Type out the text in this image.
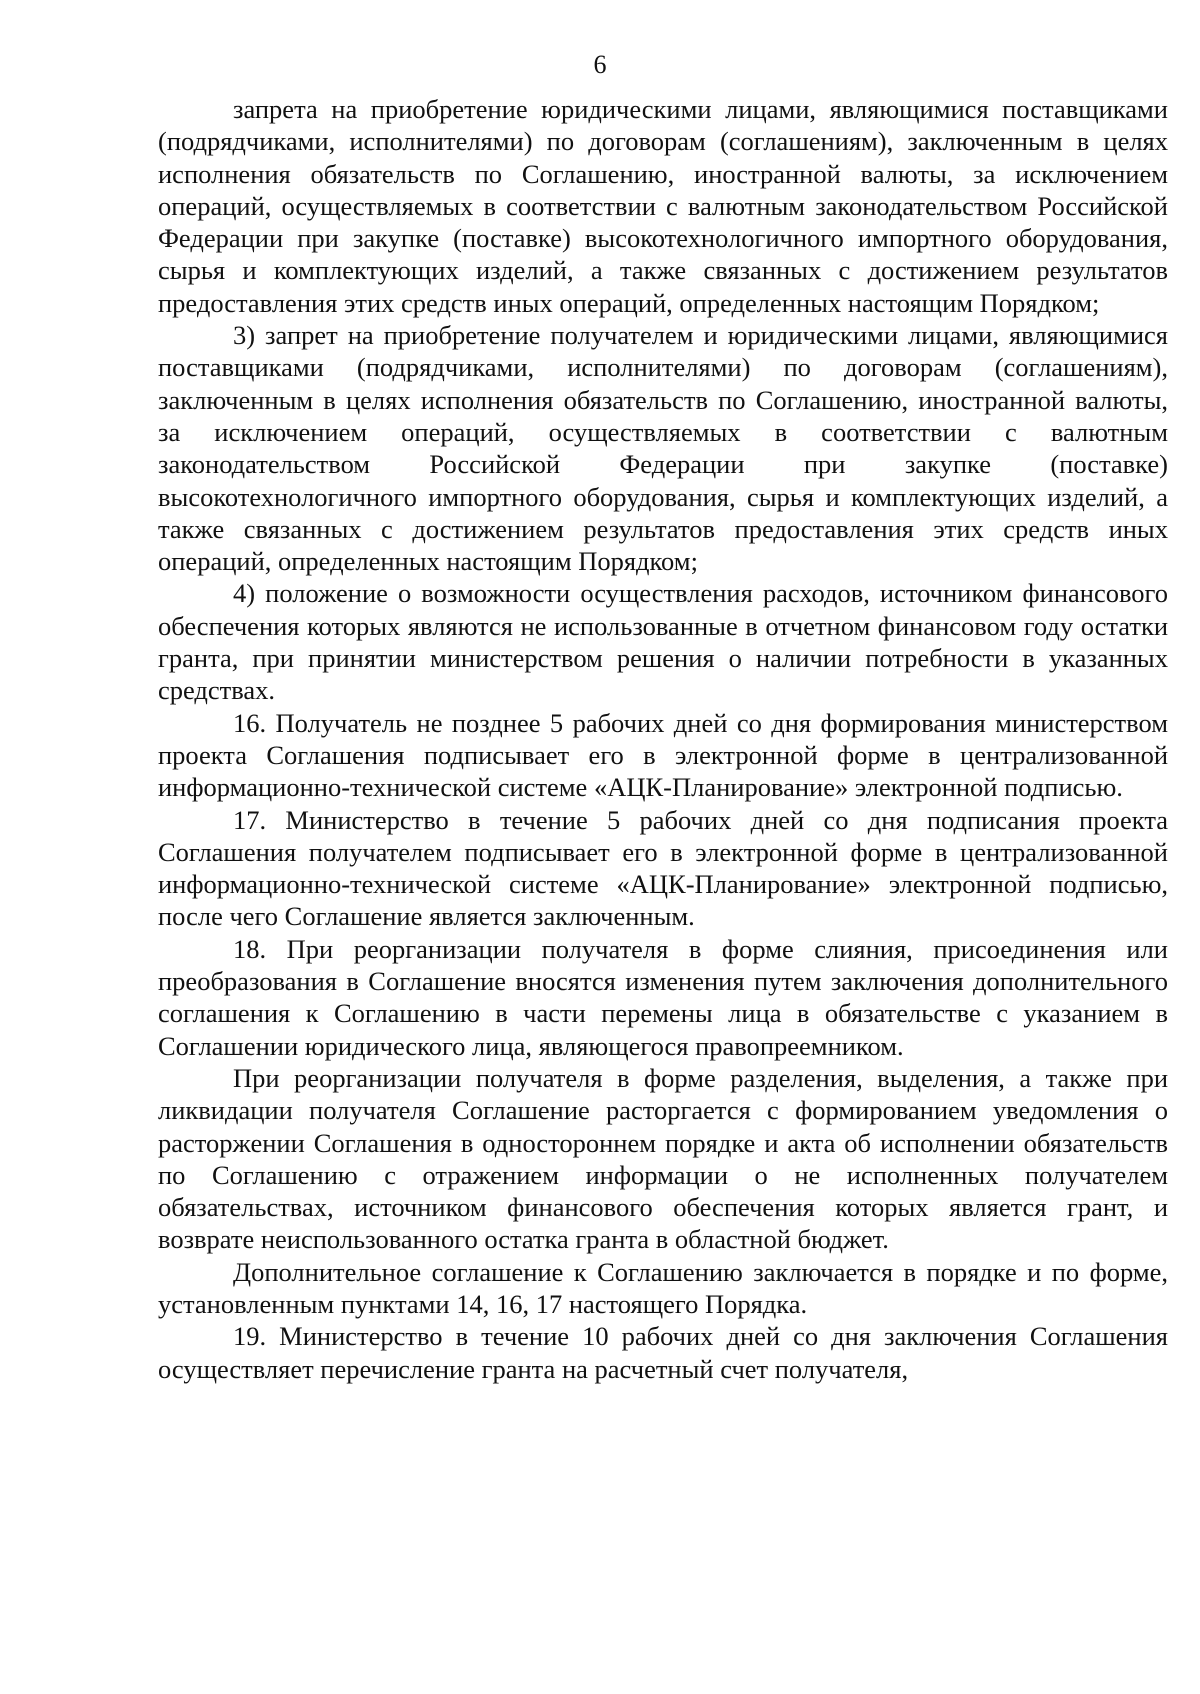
6

запрета на приобретение юридическими лицами, являющимися поставщиками (подрядчиками, исполнителями) по договорам (соглашениям), заключенным в целях исполнения обязательств по Соглашению, иностранной валюты, за исключением операций, осуществляемых в соответствии с валютным законодательством Российской Федерации при закупке (поставке) высокотехнологичного импортного оборудования, сырья и комплектующих изделий, а также связанных с достижением результатов предоставления этих средств иных операций, определенных настоящим Порядком;

3) запрет на приобретение получателем и юридическими лицами, являющимися поставщиками (подрядчиками, исполнителями) по договорам (соглашениям), заключенным в целях исполнения обязательств по Соглашению, иностранной валюты, за исключением операций, осуществляемых в соответствии с валютным законодательством Российской Федерации при закупке (поставке) высокотехнологичного импортного оборудования, сырья и комплектующих изделий, а также связанных с достижением результатов предоставления этих средств иных операций, определенных настоящим Порядком;

4) положение о возможности осуществления расходов, источником финансового обеспечения которых являются не использованные в отчетном финансовом году остатки гранта, при принятии министерством решения о наличии потребности в указанных средствах.

16. Получатель не позднее 5 рабочих дней со дня формирования министерством проекта Соглашения подписывает его в электронной форме в централизованной информационно-технической системе «АЦК-Планирование» электронной подписью.

17. Министерство в течение 5 рабочих дней со дня подписания проекта Соглашения получателем подписывает его в электронной форме в централизованной информационно-технической системе «АЦК-Планирование» электронной подписью, после чего Соглашение является заключенным.

18. При реорганизации получателя в форме слияния, присоединения или преобразования в Соглашение вносятся изменения путем заключения дополнительного соглашения к Соглашению в части перемены лица в обязательстве с указанием в Соглашении юридического лица, являющегося правопреемником.

При реорганизации получателя в форме разделения, выделения, а также при ликвидации получателя Соглашение расторгается с формированием уведомления о расторжении Соглашения в одностороннем порядке и акта об исполнении обязательств по Соглашению с отражением информации о не исполненных получателем обязательствах, источником финансового обеспечения которых является грант, и возврате неиспользованного остатка гранта в областной бюджет.

Дополнительное соглашение к Соглашению заключается в порядке и по форме, установленным пунктами 14, 16, 17 настоящего Порядка.

19. Министерство в течение 10 рабочих дней со дня заключения Соглашения осуществляет перечисление гранта на расчетный счет получателя,
